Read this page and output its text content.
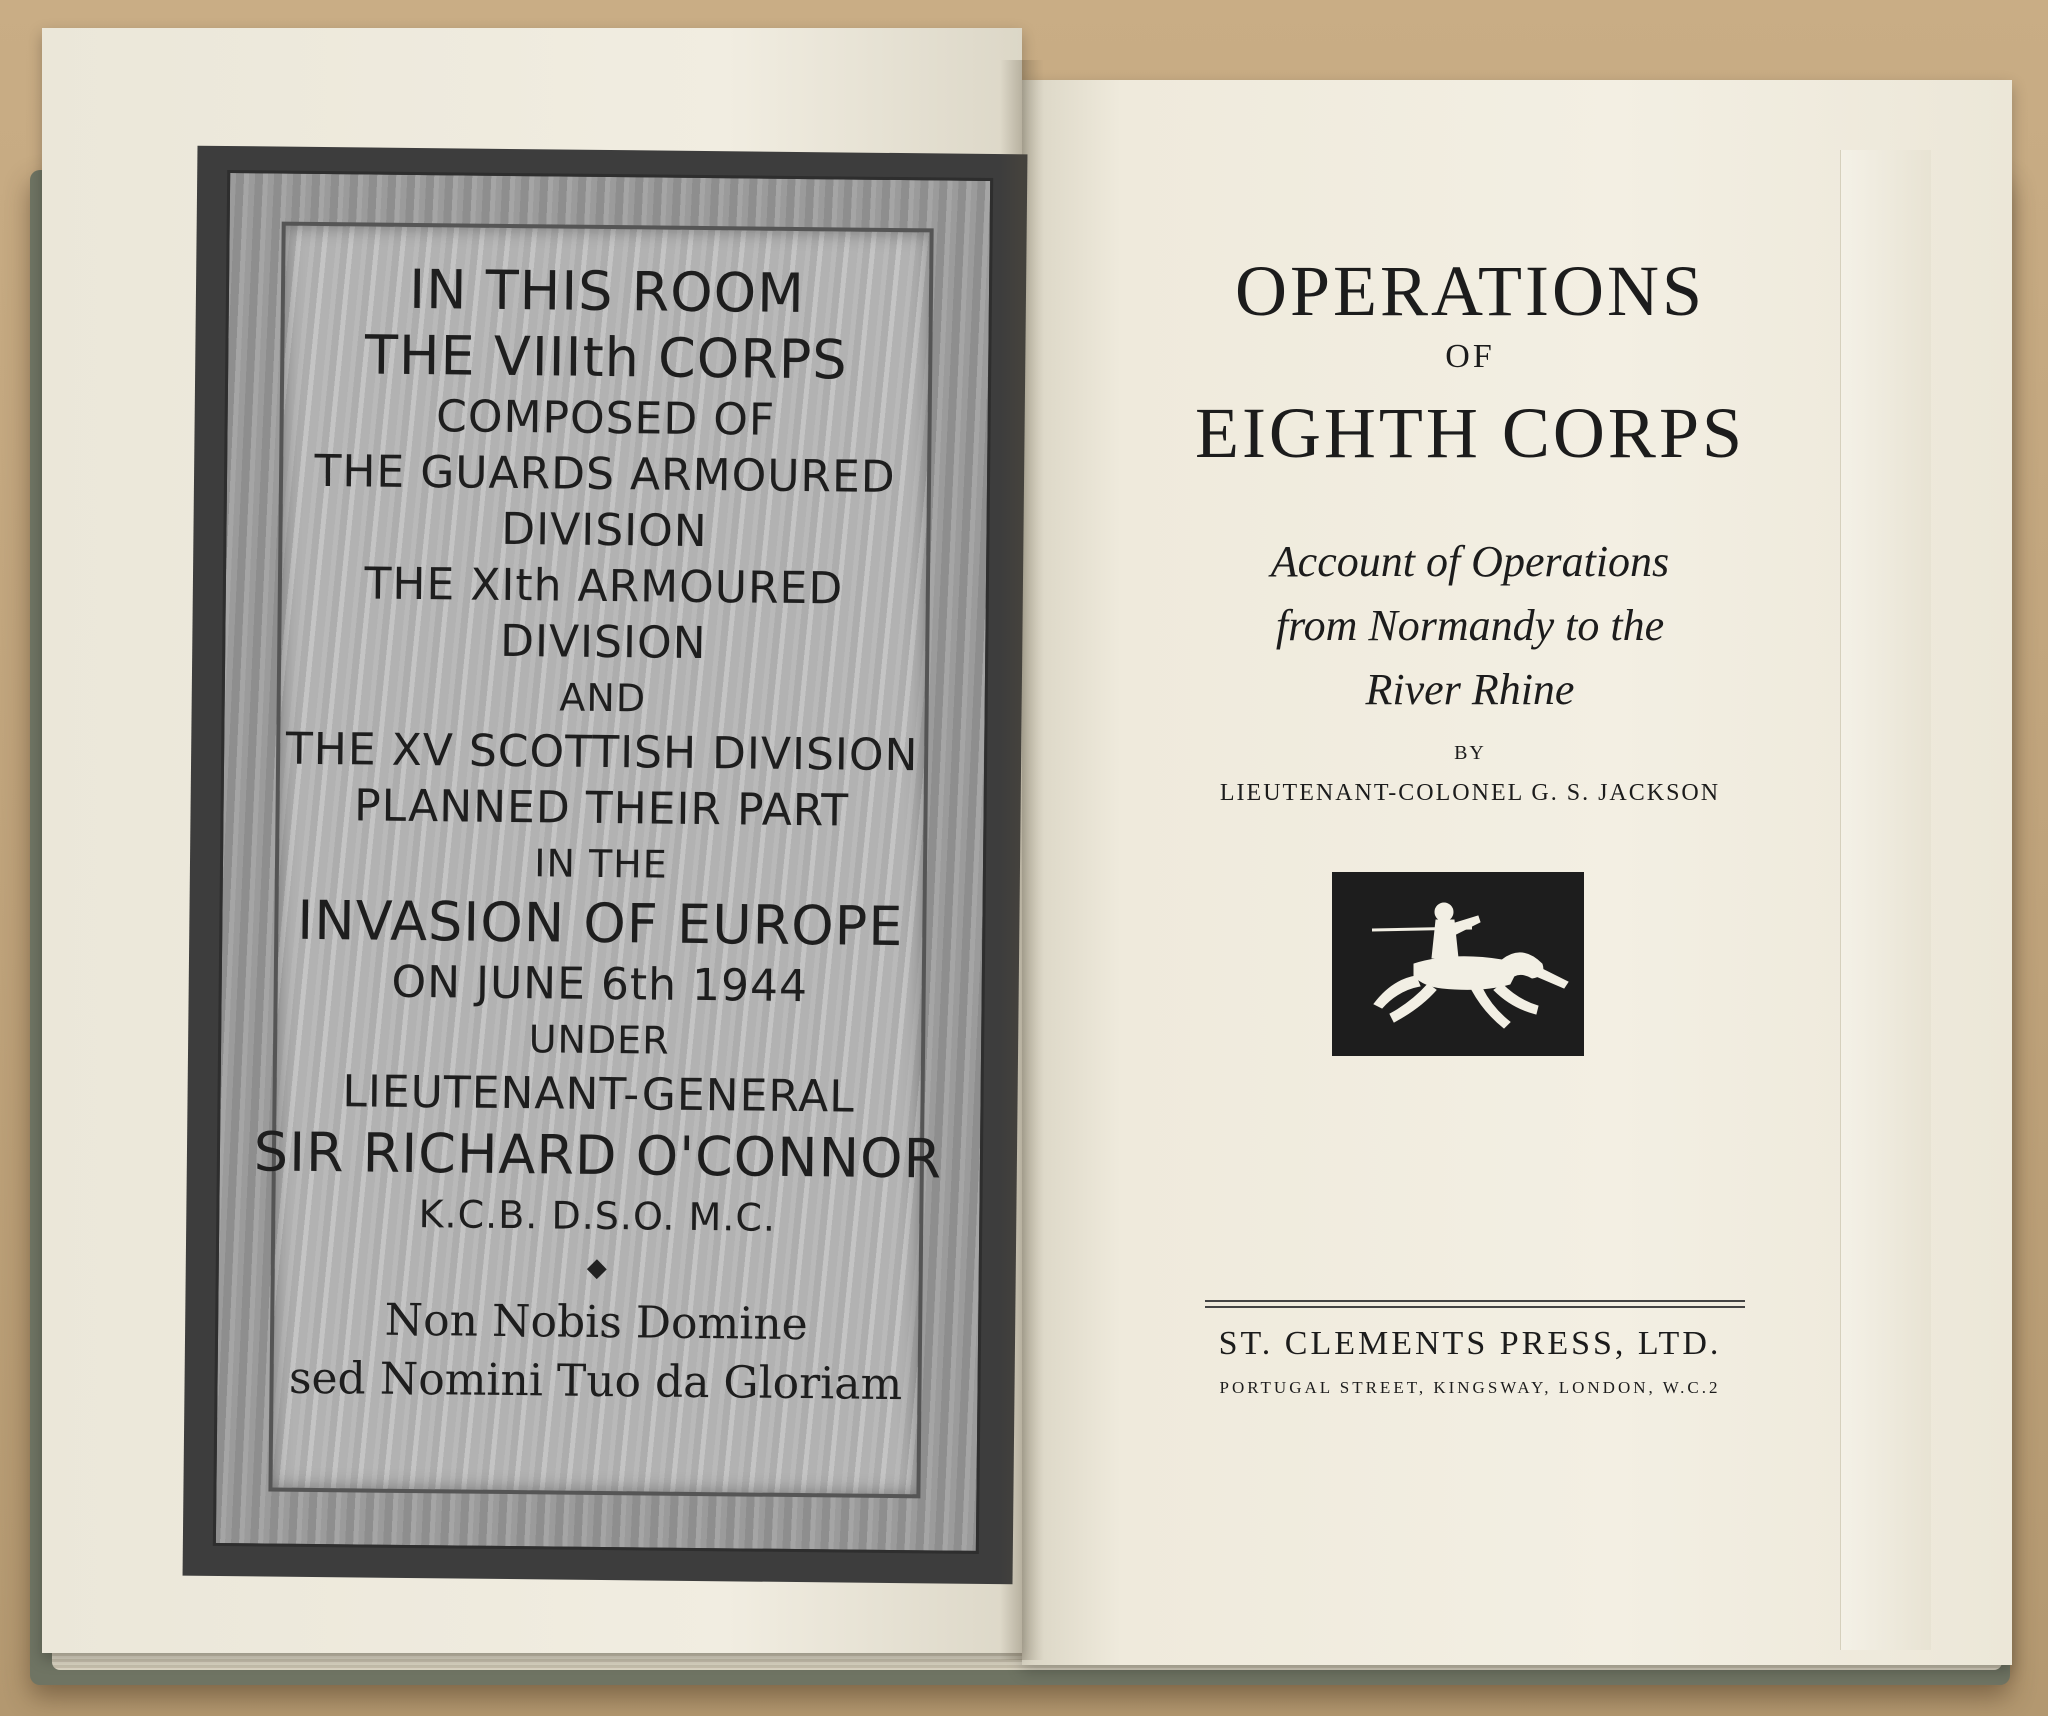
IN THIS ROOM
THE VIIIth CORPS
COMPOSED OF
THE GUARDS ARMOURED
DIVISION
THE XIth ARMOURED
DIVISION
AND
THE XV SCOTTISH DIVISION
PLANNED THEIR PART
IN THE
INVASION OF EUROPE
ON JUNE 6th 1944
UNDER
LIEUTENANT-GENERAL
SIR RICHARD O'CONNOR
K.C.B. D.S.O. M.C.
◆
Non Nobis Domine
sed Nomini Tuo da Gloriam
OPERATIONS
OF
EIGHTH CORPS
Account of Operations
from Normandy to the
River Rhine
BY
LIEUTENANT-COLONEL G. S. JACKSON
ST. CLEMENTS PRESS, LTD.
PORTUGAL STREET, KINGSWAY, LONDON, W.C.2
